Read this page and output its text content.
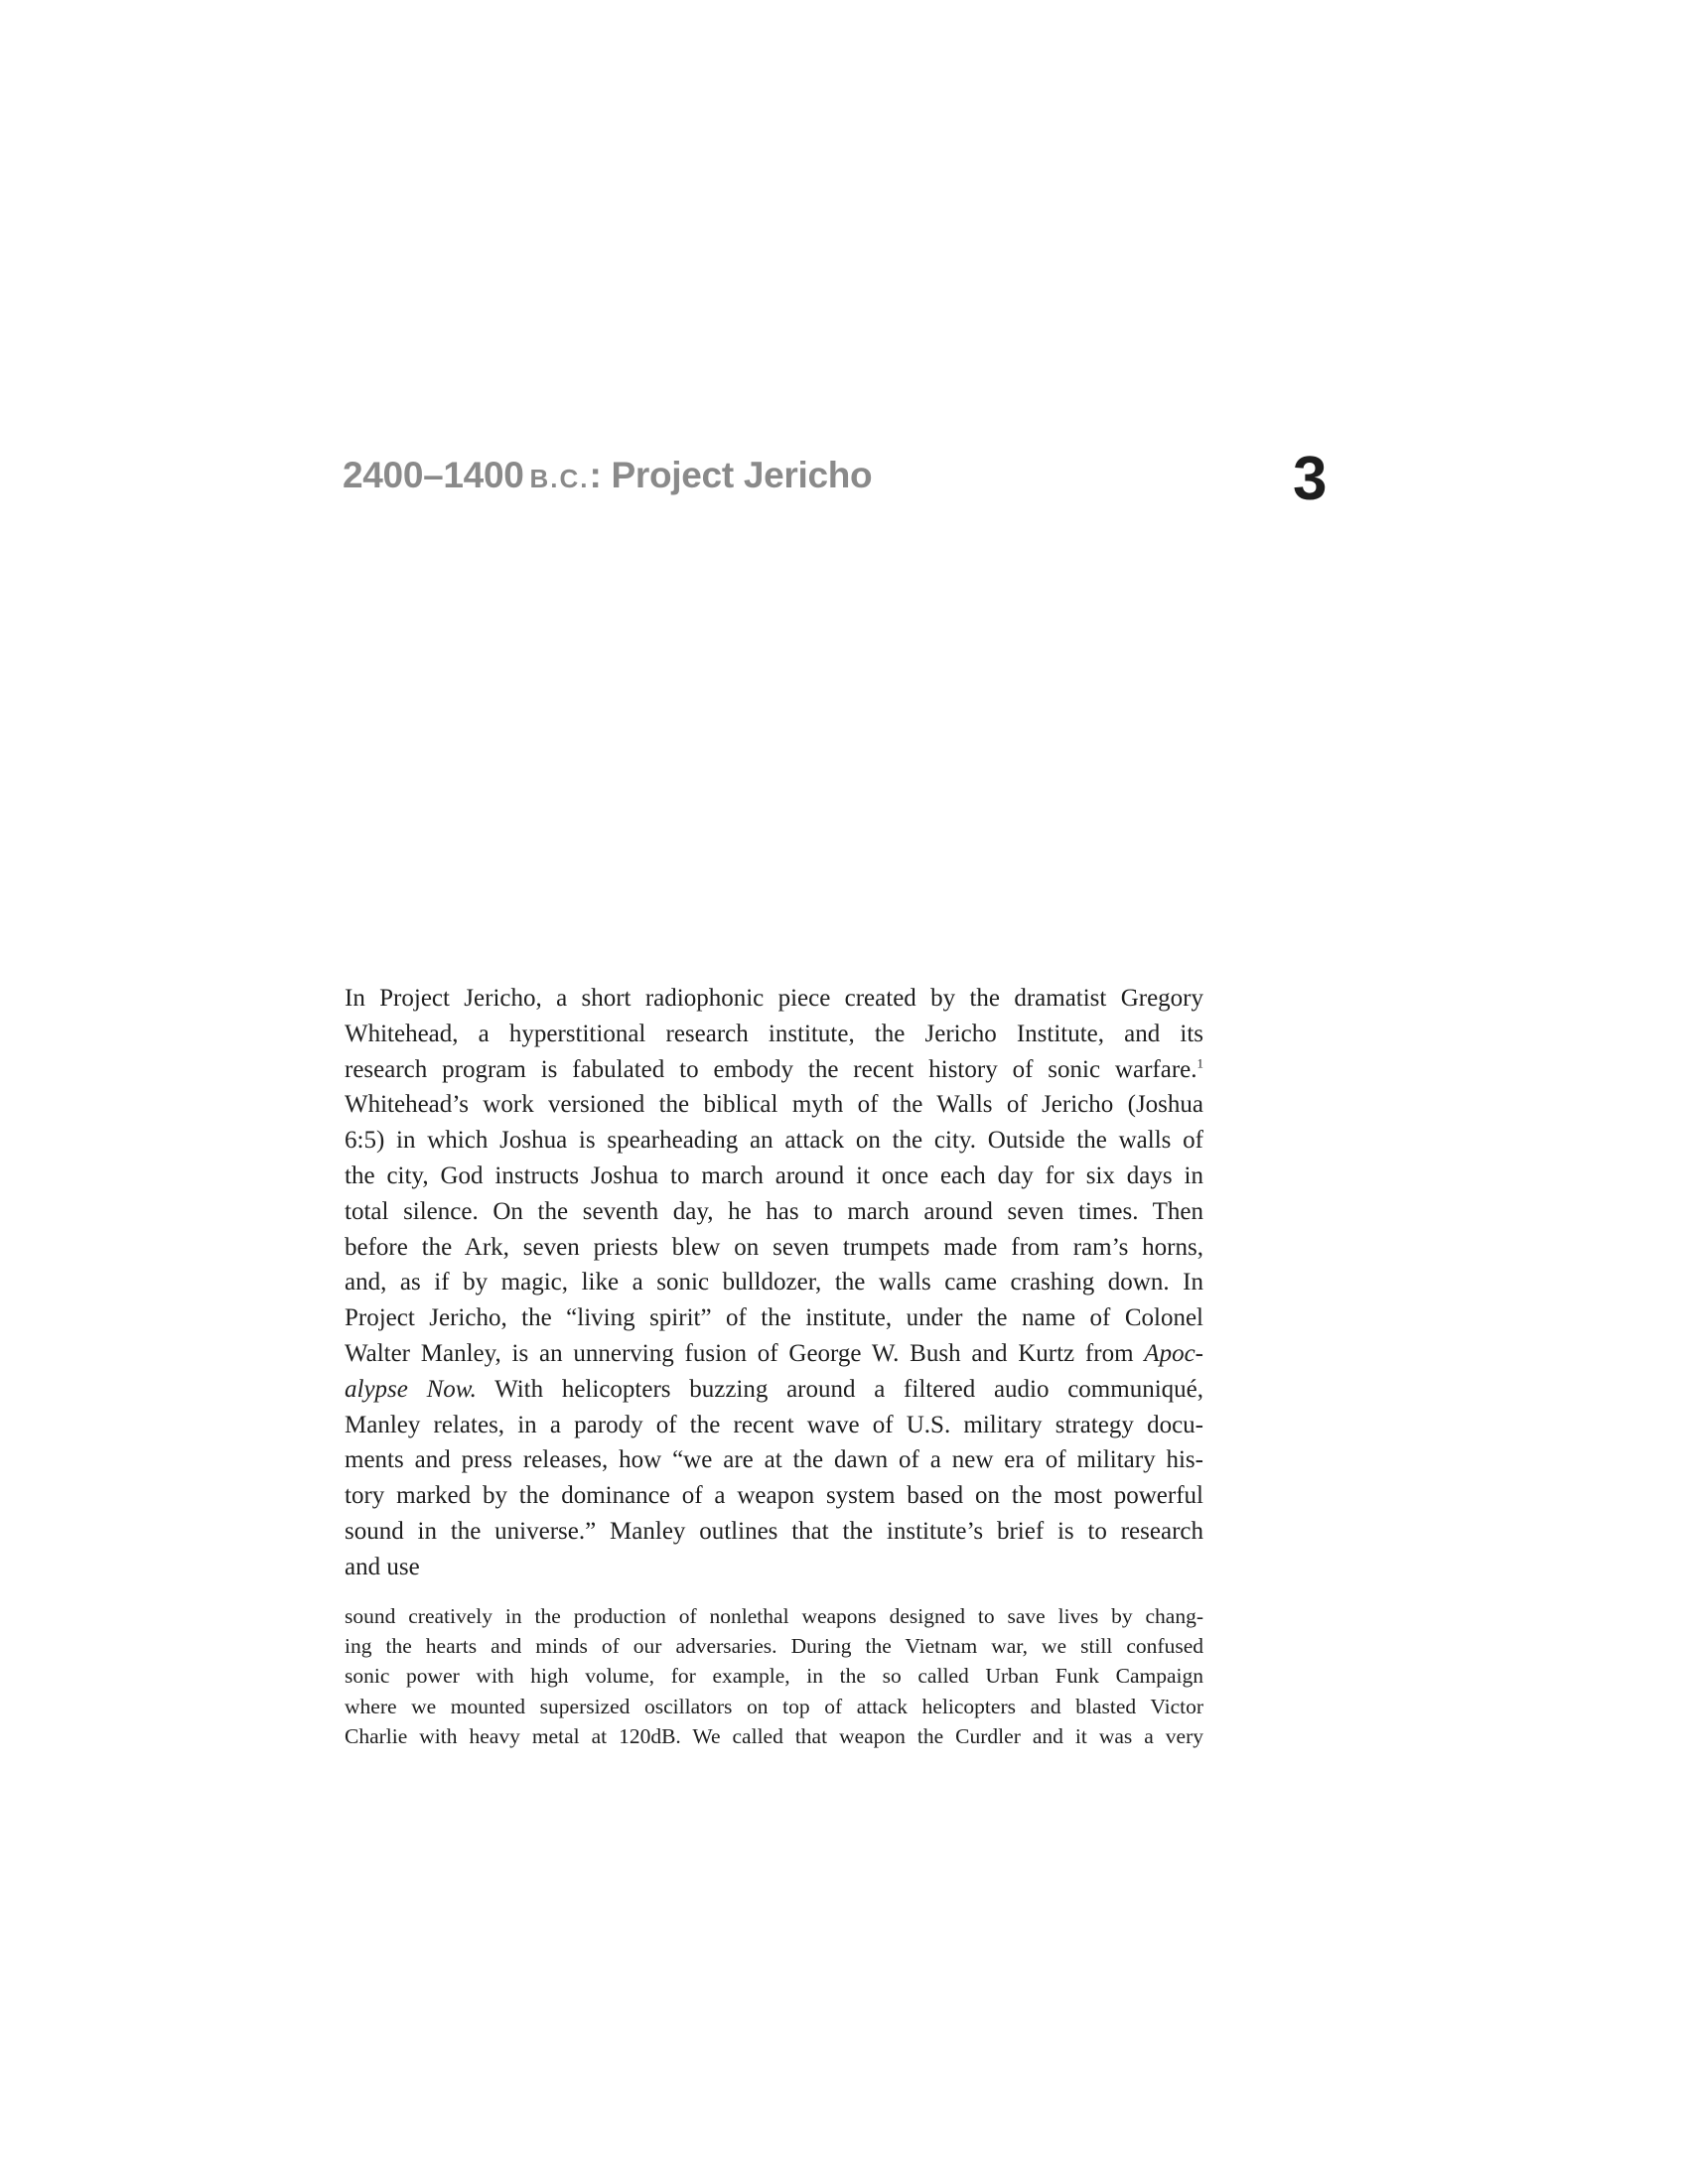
2400–1400 B.C.: Project Jericho	3
In Project Jericho, a short radiophonic piece created by the dramatist Gregory
Whitehead, a hyperstitional research institute, the Jericho Institute, and its
research program is fabulated to embody the recent history of sonic warfare.$^1$
Whitehead’s work versioned the biblical myth of the Walls of Jericho (Joshua
6:5) in which Joshua is spearheading an attack on the city. Outside the walls of
the city, God instructs Joshua to march around it once each day for six days in
total silence. On the seventh day, he has to march around seven times. Then
before the Ark, seven priests blew on seven trumpets made from ram’s horns,
and, as if by magic, like a sonic bulldozer, the walls came crashing down. In
Project Jericho, the “living spirit” of the institute, under the name of Colonel
Walter Manley, is an unnerving fusion of George W. Bush and Kurtz from Apoc-
alypse Now. With helicopters buzzing around a filtered audio communiqué,
Manley relates, in a parody of the recent wave of U.S. military strategy docu-
ments and press releases, how “we are at the dawn of a new era of military his-
tory marked by the dominance of a weapon system based on the most powerful
sound in the universe.” Manley outlines that the institute’s brief is to research
and use
sound creatively in the production of nonlethal weapons designed to save lives by chang-
ing the hearts and minds of our adversaries. During the Vietnam war, we still confused
sonic power with high volume, for example, in the so called Urban Funk Campaign
where we mounted supersized oscillators on top of attack helicopters and blasted Victor
Charlie with heavy metal at 120dB. We called that weapon the Curdler and it was a very
